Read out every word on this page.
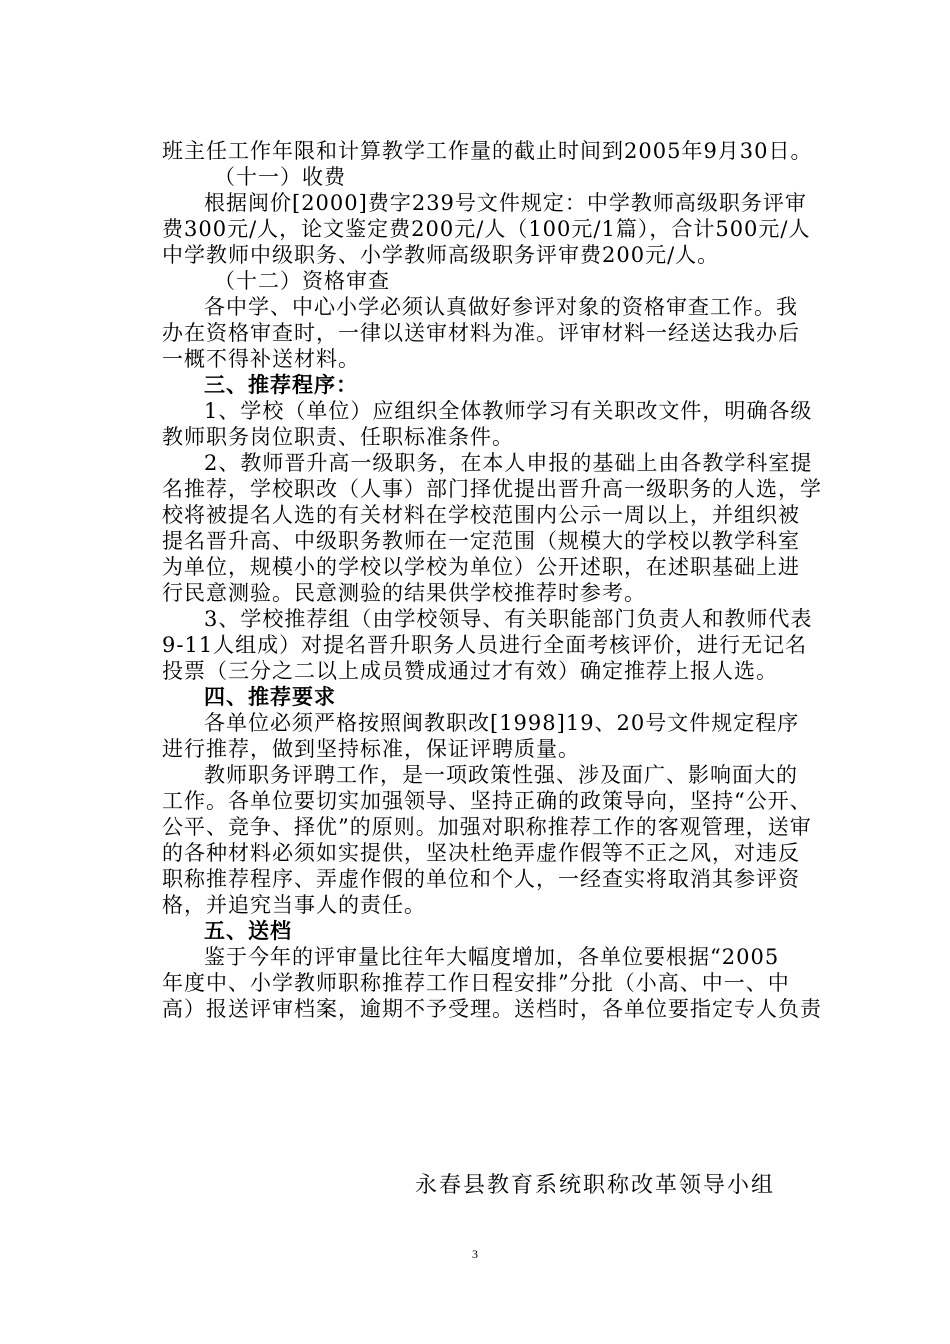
班主任工作年限和计算教学工作量的截止时间到2005年9月30日。
（十一）收费
根据闽价[2000]费字239号文件规定：中学教师高级职务评审
费300元/人，论文鉴定费200元/人（100元/1篇），合计500元/人
中学教师中级职务、小学教师高级职务评审费200元/人。
（十二）资格审查
各中学、中心小学必须认真做好参评对象的资格审查工作。我
办在资格审查时，一律以送审材料为准。评审材料一经送达我办后
一概不得补送材料。
三、推荐程序：
1、学校（单位）应组织全体教师学习有关职改文件，明确各级
教师职务岗位职责、任职标准条件。
2、教师晋升高一级职务，在本人申报的基础上由各教学科室提
名推荐，学校职改（人事）部门择优提出晋升高一级职务的人选，学
校将被提名人选的有关材料在学校范围内公示一周以上，并组织被
提名晋升高、中级职务教师在一定范围（规模大的学校以教学科室
为单位，规模小的学校以学校为单位）公开述职，在述职基础上进
行民意测验。民意测验的结果供学校推荐时参考。
3、学校推荐组（由学校领导、有关职能部门负责人和教师代表
9-11人组成）对提名晋升职务人员进行全面考核评价，进行无记名
投票（三分之二以上成员赞成通过才有效）确定推荐上报人选。
四、推荐要求
各单位必须严格按照闽教职改[1998]19、20号文件规定程序
进行推荐，做到坚持标准，保证评聘质量。
教师职务评聘工作，是一项政策性强、涉及面广、影响面大的
工作。各单位要切实加强领导、坚持正确的政策导向，坚持“公开、
公平、竞争、择优”的原则。加强对职称推荐工作的客观管理，送审
的各种材料必须如实提供，坚决杜绝弄虚作假等不正之风，对违反
职称推荐程序、弄虚作假的单位和个人，一经查实将取消其参评资
格，并追究当事人的责任。
五、送档
鉴于今年的评审量比往年大幅度增加，各单位要根据“2005
年度中、小学教师职称推荐工作日程安排”分批（小高、中一、中
高）报送评审档案，逾期不予受理。送档时，各单位要指定专人负责
永春县教育系统职称改革领导小组
3
